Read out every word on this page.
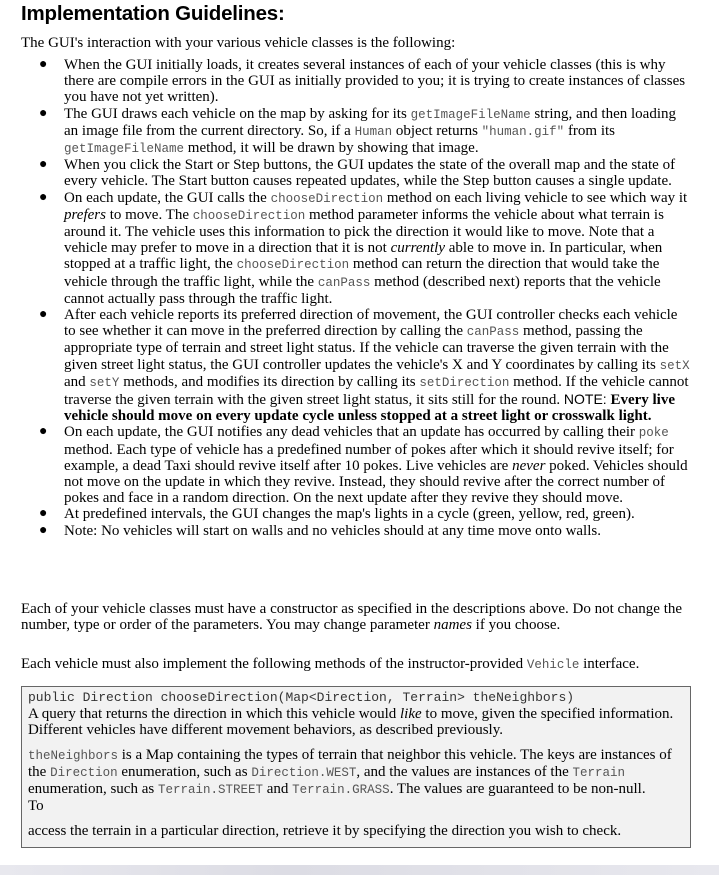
Implementation Guidelines:

The GUI's interaction with your various vehicle classes is the following:

● When the GUI initially loads, it creates several instances of each of your vehicle classes (this is why there are compile errors in the GUI as initially provided to you; it is trying to create instances of classes you have not yet written).
● The GUI draws each vehicle on the map by asking for its getImageFileName string, and then loading an image file from the current directory. So, if a Human object returns "human.gif" from its getImageFileName method, it will be drawn by showing that image.
● When you click the Start or Step buttons, the GUI updates the state of the overall map and the state of every vehicle. The Start button causes repeated updates, while the Step button causes a single update.
● On each update, the GUI calls the chooseDirection method on each living vehicle to see which way it prefers to move. The chooseDirection method parameter informs the vehicle about what terrain is around it. The vehicle uses this information to pick the direction it would like to move. Note that a vehicle may prefer to move in a direction that it is not currently able to move in. In particular, when stopped at a traffic light, the chooseDirection method can return the direction that would take the vehicle through the traffic light, while the canPass method (described next) reports that the vehicle cannot actually pass through the traffic light.
● After each vehicle reports its preferred direction of movement, the GUI controller checks each vehicle to see whether it can move in the preferred direction by calling the canPass method, passing the appropriate type of terrain and street light status. If the vehicle can traverse the given terrain with the given street light status, the GUI controller updates the vehicle's X and Y coordinates by calling its setX and setY methods, and modifies its direction by calling its setDirection method. If the vehicle cannot traverse the given terrain with the given street light status, it sits still for the round. NOTE: Every live vehicle should move on every update cycle unless stopped at a street light or crosswalk light.
● On each update, the GUI notifies any dead vehicles that an update has occurred by calling their poke method. Each type of vehicle has a predefined number of pokes after which it should revive itself; for example, a dead Taxi should revive itself after 10 pokes. Live vehicles are never poked. Vehicles should not move on the update in which they revive. Instead, they should revive after the correct number of pokes and face in a random direction. On the next update after they revive they should move.
● At predefined intervals, the GUI changes the map's lights in a cycle (green, yellow, red, green).
● Note: No vehicles will start on walls and no vehicles should at any time move onto walls.

Each of your vehicle classes must have a constructor as specified in the descriptions above. Do not change the number, type or order of the parameters. You may change parameter names if you choose.

Each vehicle must also implement the following methods of the instructor-provided Vehicle interface.

public Direction chooseDirection(Map<Direction, Terrain> theNeighbors)

A query that returns the direction in which this vehicle would like to move, given the specified information. Different vehicles have different movement behaviors, as described previously.

theNeighbors is a Map containing the types of terrain that neighbor this vehicle. The keys are instances of the Direction enumeration, such as Direction.WEST, and the values are instances of the Terrain enumeration, such as Terrain.STREET and Terrain.GRASS. The values are guaranteed to be non-null.

To

access the terrain in a particular direction, retrieve it by specifying the direction you wish to check.
